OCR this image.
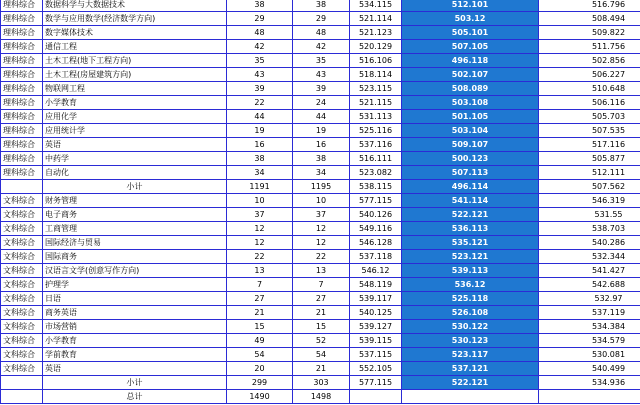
理科综合	数据科学与大数据技术	38	38	534.115	512.101	516.796
理科综合	数学与应用数学(经济数学方向)	29	29	521.114	503.12	508.494
理科综合	数字媒体技术	48	48	521.123	505.101	509.822
理科综合	通信工程	42	42	520.129	507.105	511.756
理科综合	土木工程(地下工程方向)	35	35	516.106	496.118	502.856
理科综合	土木工程(房屋建筑方向)	43	43	518.114	502.107	506.227
理科综合	物联网工程	39	39	523.115	508.089	510.648
理科综合	小学教育	22	24	521.115	503.108	506.116
理科综合	应用化学	44	44	531.113	501.105	505.703
理科综合	应用统计学	19	19	525.116	503.104	507.535
理科综合	英语	16	16	537.116	509.107	517.116
理科综合	中药学	38	38	516.111	500.123	505.877
理科综合	自动化	34	34	523.082	507.113	512.111
	小计	1191	1195	538.115	496.114	507.562
文科综合	财务管理	10	10	577.115	541.114	546.319
文科综合	电子商务	37	37	540.126	522.121	531.55
文科综合	工商管理	12	12	549.116	536.113	538.703
文科综合	国际经济与贸易	12	12	546.128	535.121	540.286
文科综合	国际商务	22	22	537.118	523.121	532.344
文科综合	汉语言文学(创意写作方向)	13	13	546.12	539.113	541.427
文科综合	护理学	7	7	548.119	536.12	542.688
文科综合	日语	27	27	539.117	525.118	532.97
文科综合	商务英语	21	21	540.125	526.108	537.119
文科综合	市场营销	15	15	539.127	530.122	534.384
文科综合	小学教育	49	52	539.115	530.123	534.579
文科综合	学前教育	54	54	537.115	523.117	530.081
文科综合	英语	20	21	552.105	537.121	540.499
	小计	299	303	577.115	522.121	534.936
	总计	1490	1498			
